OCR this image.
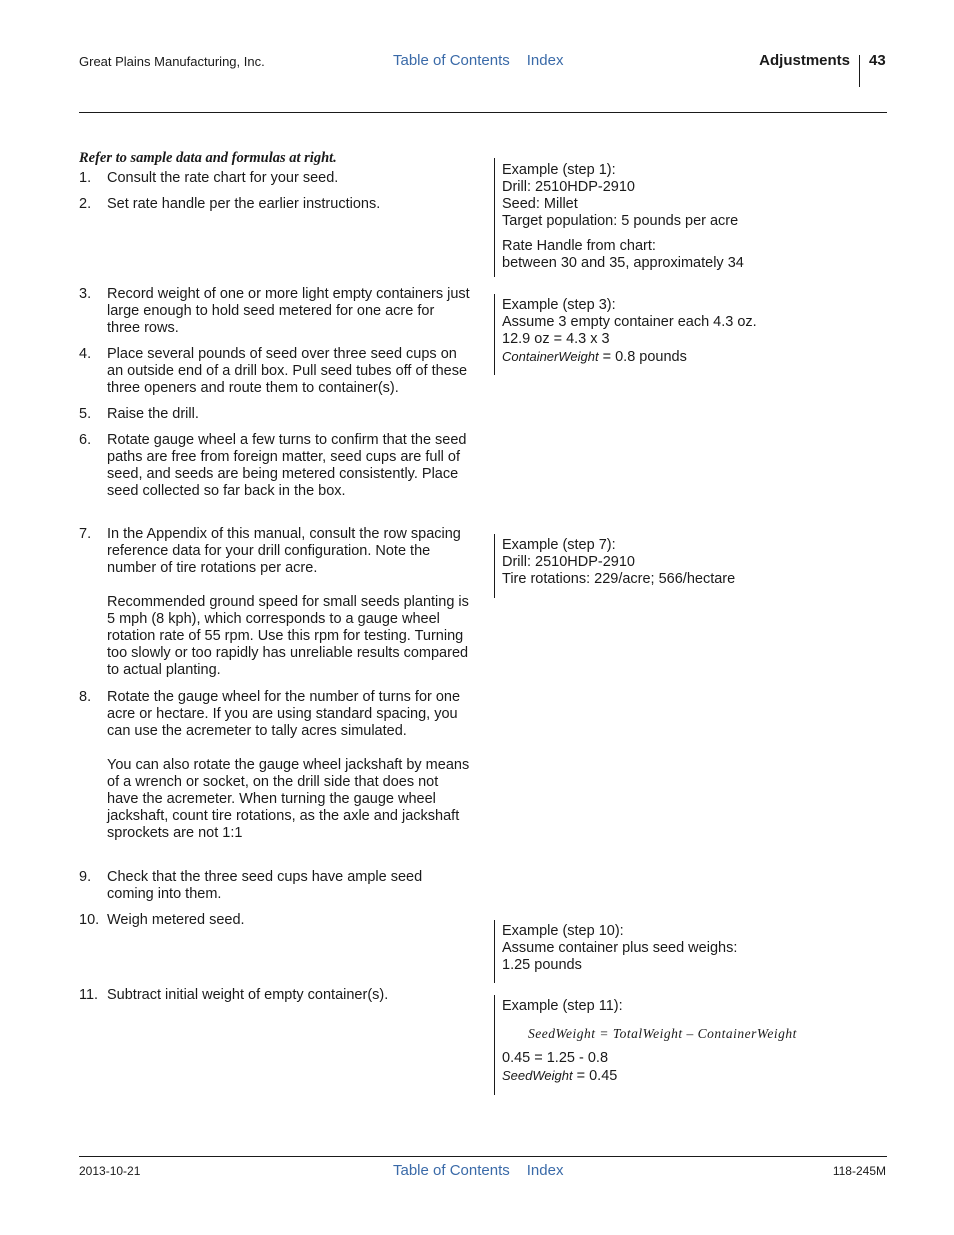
Great Plains Manufacturing, Inc.	Table of Contents Index	Adjustments 43
Refer to sample data and formulas at right.
1. Consult the rate chart for your seed.

2. Set rate handle per the earlier instructions.

3. Record weight of one or more light empty containers just large enough to hold seed metered for one acre for three rows.

4. Place several pounds of seed over three seed cups on an outside end of a drill box. Pull seed tubes off of these three openers and route them to container(s).

5. Raise the drill.

6. Rotate gauge wheel a few turns to confirm that the seed paths are free from foreign matter, seed cups are full of seed, and seeds are being metered consistently. Place seed collected so far back in the box.

7. In the Appendix of this manual, consult the row spacing reference data for your drill configuration. Note the number of tire rotations per acre.

Recommended ground speed for small seeds planting is 5 mph (8 kph), which corresponds to a gauge wheel rotation rate of 55 rpm. Use this rpm for testing. Turning too slowly or too rapidly has unreliable results compared to actual planting.

8. Rotate the gauge wheel for the number of turns for one acre or hectare. If you are using standard spacing, you can use the acremeter to tally acres simulated.

You can also rotate the gauge wheel jackshaft by means of a wrench or socket, on the drill side that does not have the acremeter. When turning the gauge wheel jackshaft, count tire rotations, as the axle and jackshaft sprockets are not 1:1

9. Check that the three seed cups have ample seed coming into them.

10. Weigh metered seed.

11. Subtract initial weight of empty container(s).

Example (step 1):
Drill: 2510HDP-2910
Seed: Millet
Target population: 5 pounds per acre
Rate Handle from chart:
between 30 and 35, approximately 34
Example (step 3):
Assume 3 empty container each 4.3 oz.
12.9 oz = 4.3 x 3
ContainerWeight = 0.8 pounds
Example (step 7):
Drill: 2510HDP-2910
Tire rotations: 229/acre; 566/hectare
Example (step 10):
Assume container plus seed weighs:
1.25 pounds
Example (step 11):
SeedWeight = TotalWeight – ContainerWeight
0.45 = 1.25 - 0.8
SeedWeight = 0.45
2013-10-21	Table of Contents Index	118-245M
